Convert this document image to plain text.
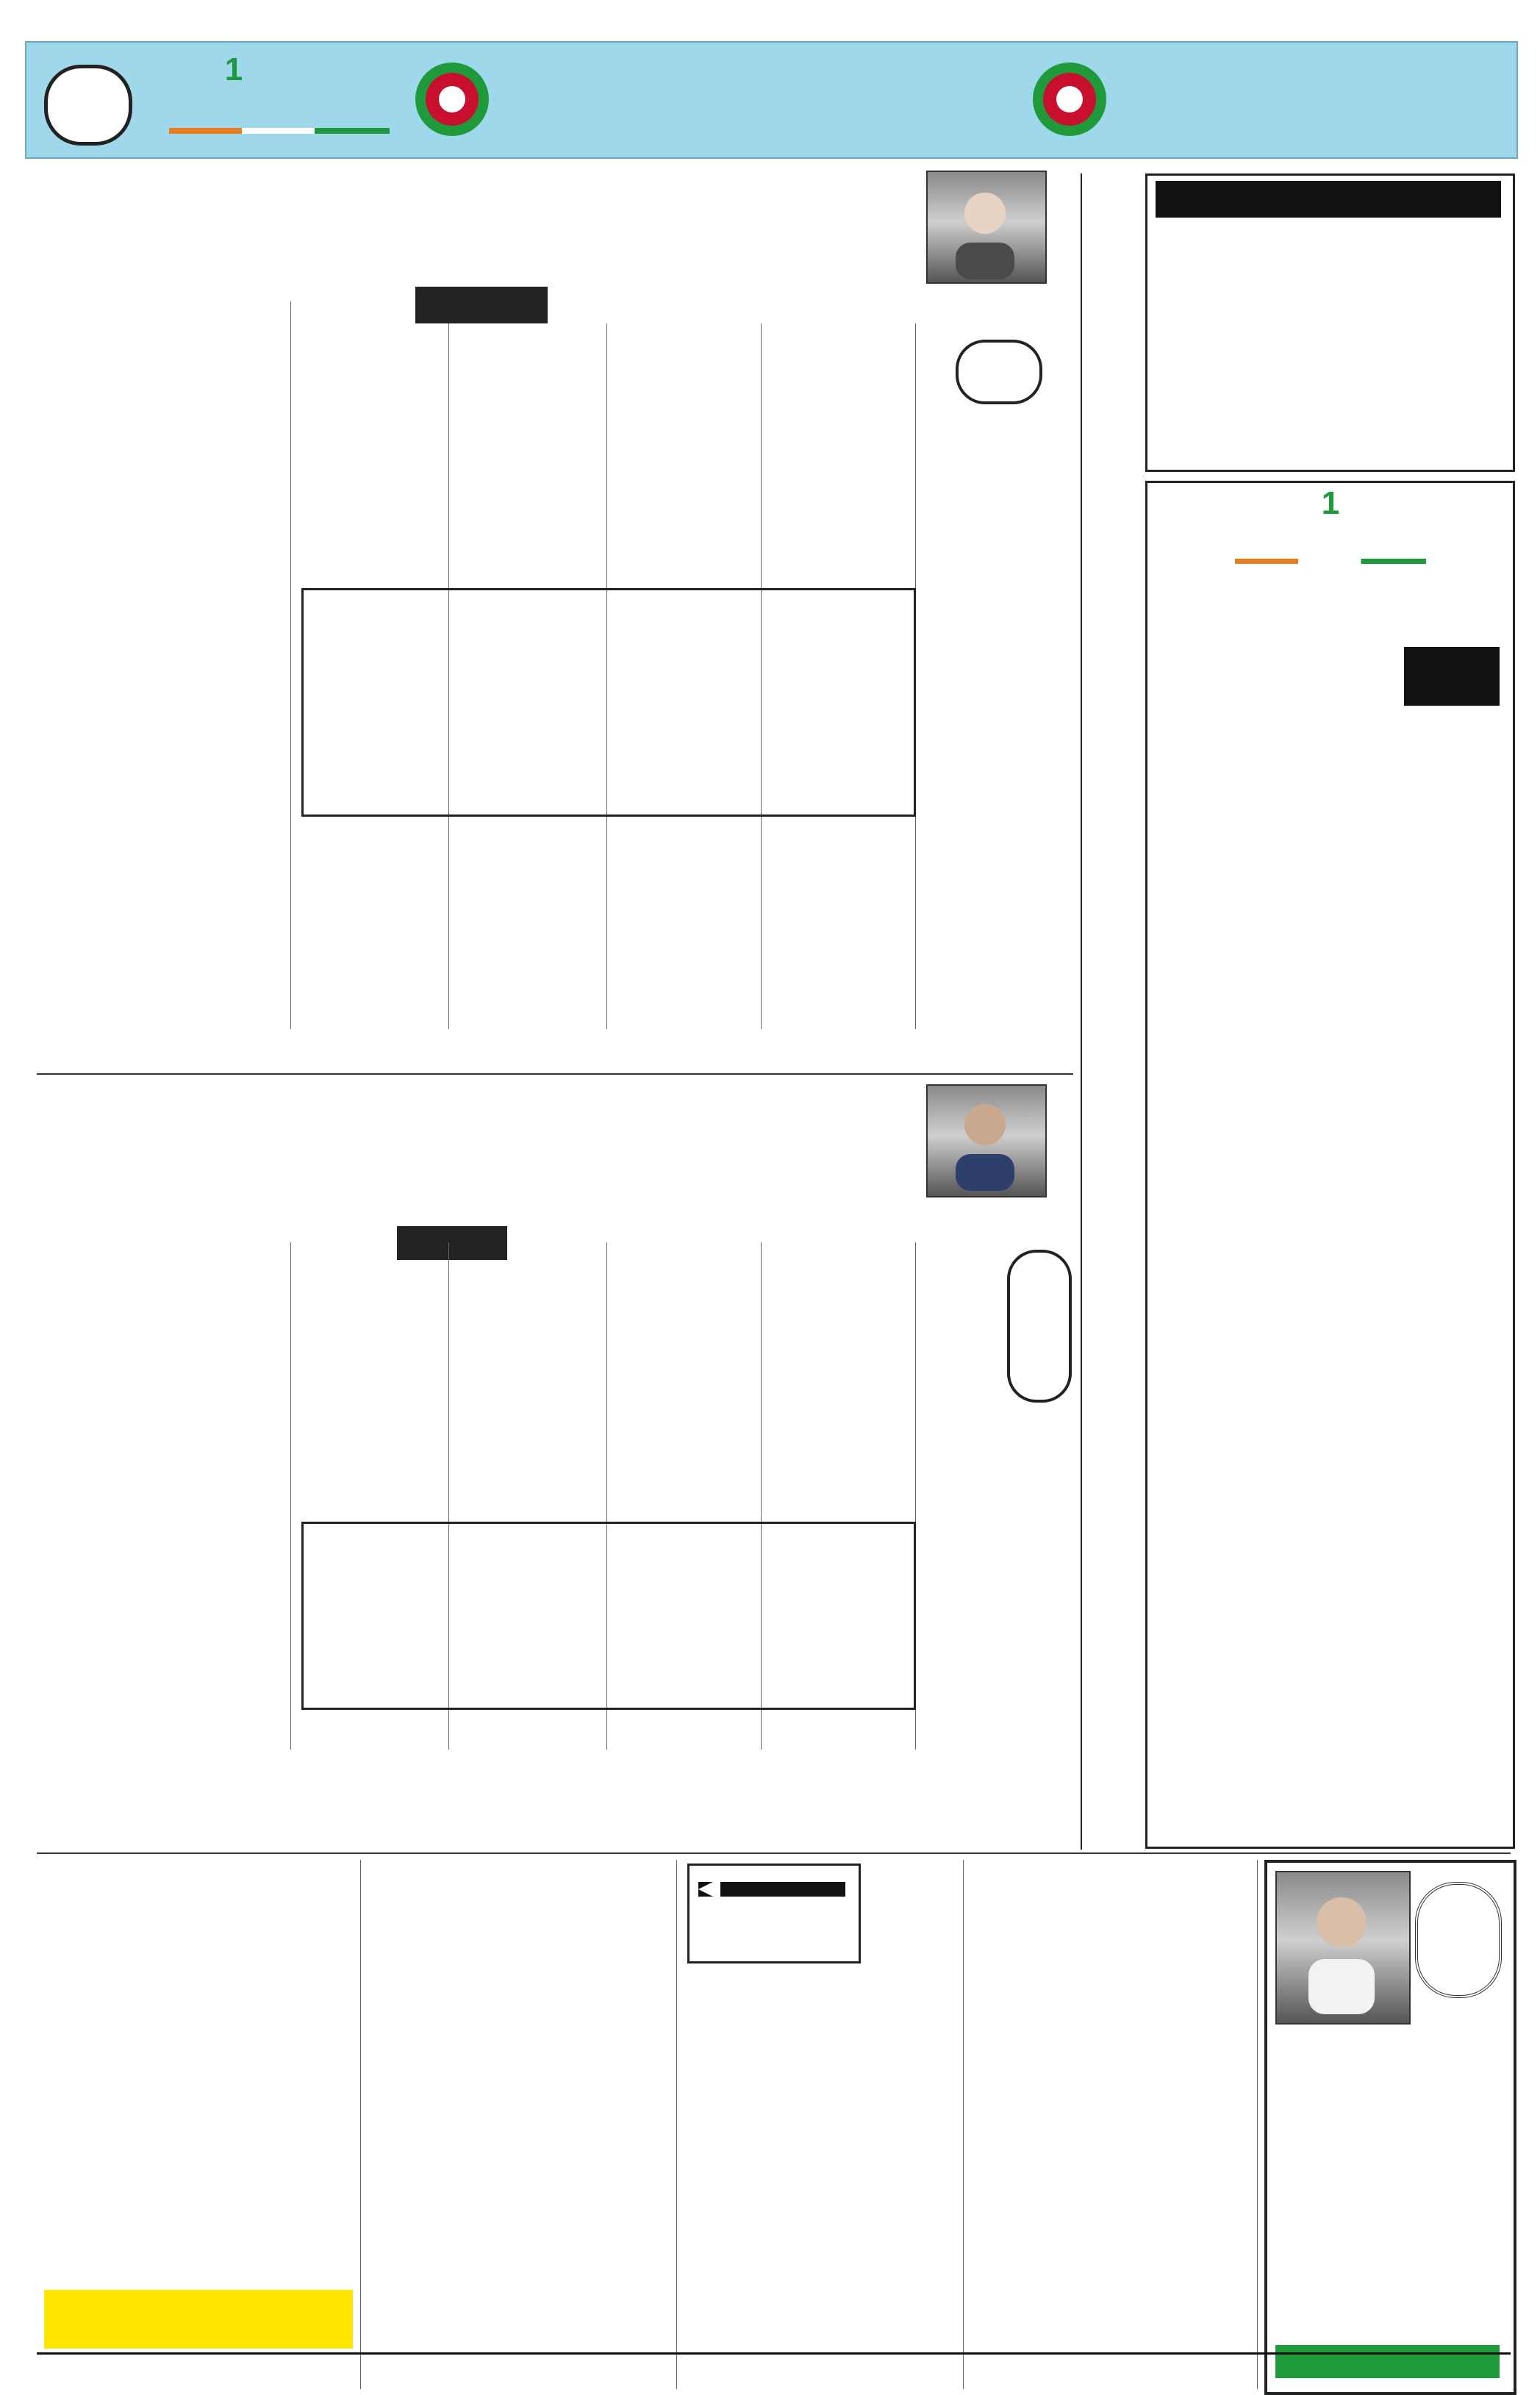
1
1
